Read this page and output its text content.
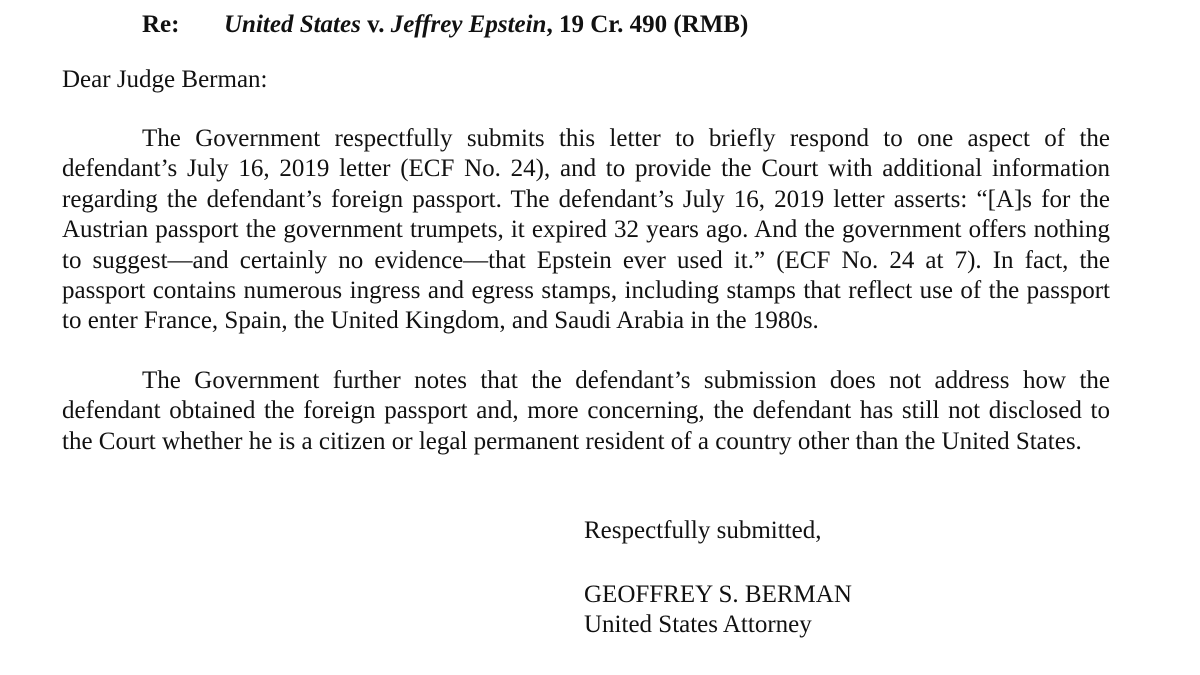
Re: United States v. Jeffrey Epstein, 19 Cr. 490 (RMB)
Dear Judge Berman:

The Government respectfully submits this letter to briefly respond to one aspect of the defendant’s July 16, 2019 letter (ECF No. 24), and to provide the Court with additional information regarding the defendant’s foreign passport. The defendant’s July 16, 2019 letter asserts: “[A]s for the Austrian passport the government trumpets, it expired 32 years ago. And the government offers nothing to suggest—and certainly no evidence—that Epstein ever used it.” (ECF No. 24 at 7). In fact, the passport contains numerous ingress and egress stamps, including stamps that reflect use of the passport to enter France, Spain, the United Kingdom, and Saudi Arabia in the 1980s.

The Government further notes that the defendant’s submission does not address how the defendant obtained the foreign passport and, more concerning, the defendant has still not disclosed to the Court whether he is a citizen or legal permanent resident of a country other than the United States.

Respectfully submitted,
GEOFFREY S. BERMAN
United States Attorney
